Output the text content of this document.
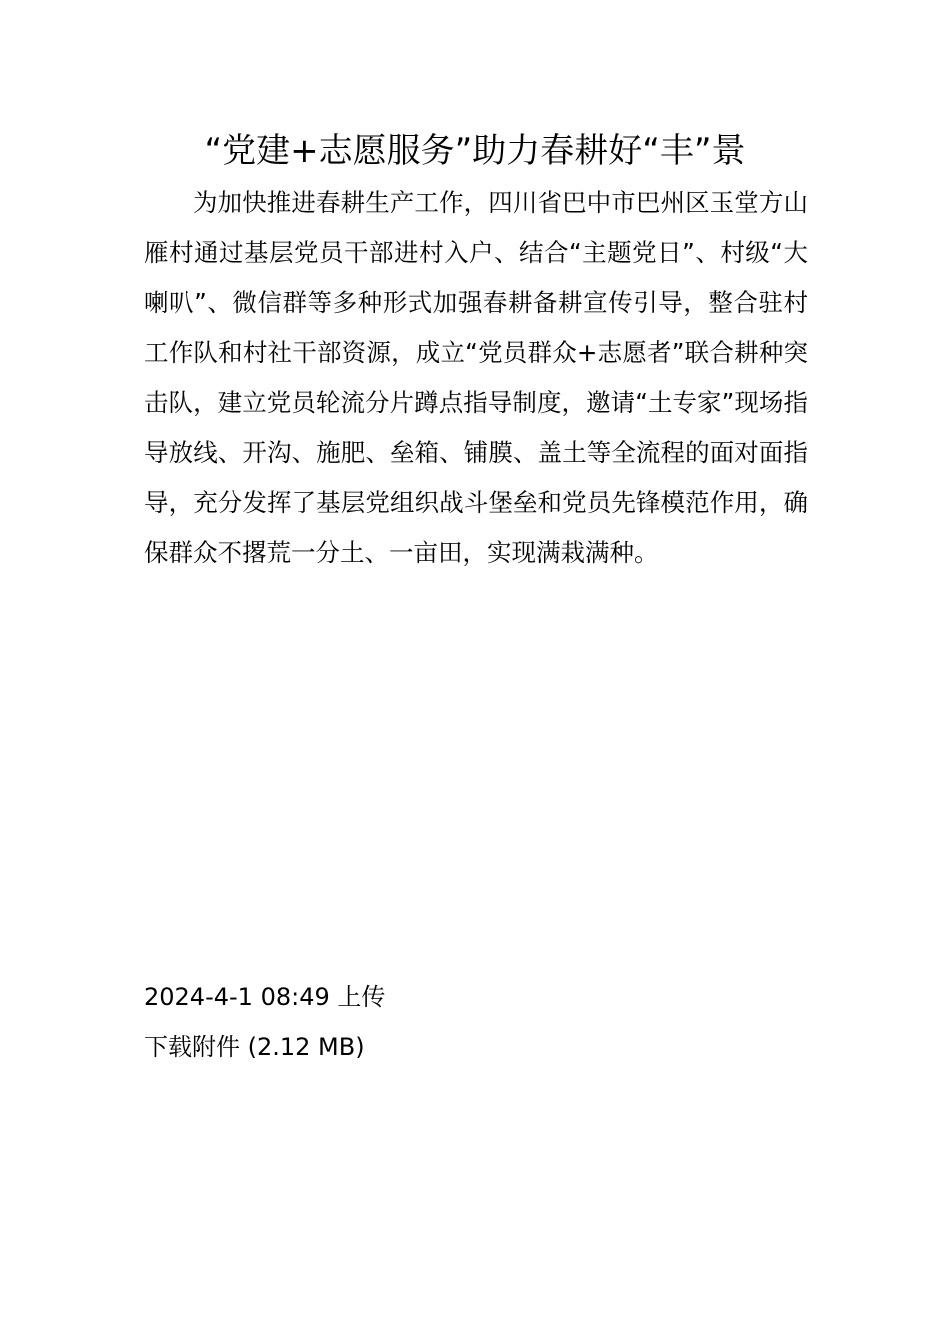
“党建+志愿服务”助力春耕好“丰”景

为加快推进春耕生产工作，四川省巴中市巴州区玉堂方山雁村通过基层党员干部进村入户、结合“主题党日”、村级“大喇叭”、微信群等多种形式加强春耕备耕宣传引导，整合驻村工作队和村社干部资源，成立“党员群众+志愿者”联合耕种突击队，建立党员轮流分片蹲点指导制度，邀请“土专家”现场指导放线、开沟、施肥、垒箱、铺膜、盖土等全流程的面对面指导，充分发挥了基层党组织战斗堡垒和党员先锋模范作用，确保群众不撂荒一分土、一亩田，实现满栽满种。

2024-4-1 08:49 上传
下载附件 (2.12 MB)
